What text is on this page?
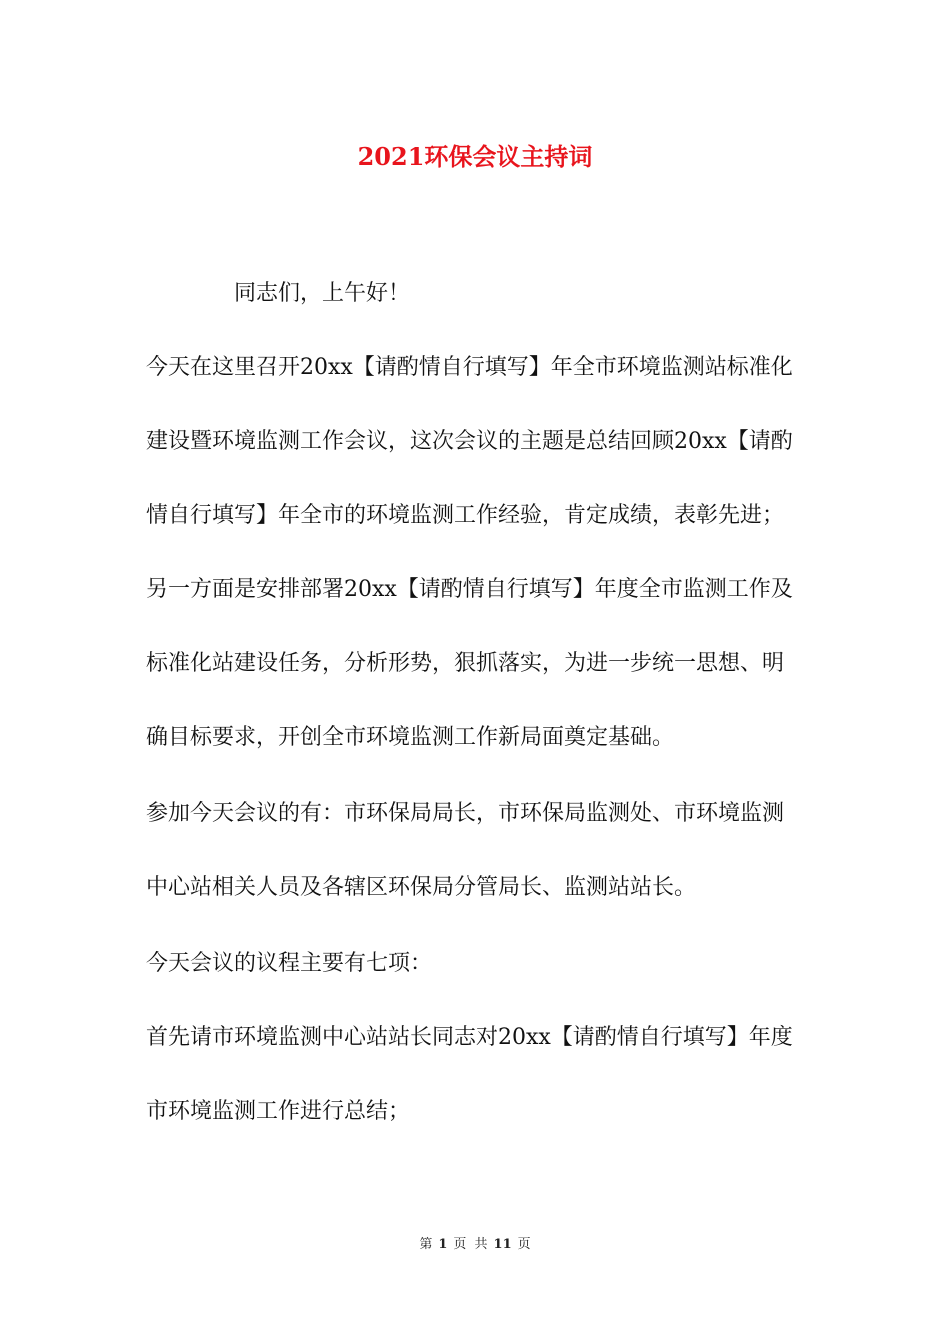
2021环保会议主持词
同志们，上午好！
今天在这里召开20xx【请酌情自行填写】年全市环境监测站标准化
建设暨环境监测工作会议，这次会议的主题是总结回顾20xx【请酌
情自行填写】年全市的环境监测工作经验，肯定成绩，表彰先进；
另一方面是安排部署20xx【请酌情自行填写】年度全市监测工作及
标准化站建设任务，分析形势，狠抓落实，为进一步统一思想、明
确目标要求，开创全市环境监测工作新局面奠定基础。
参加今天会议的有：市环保局局长，市环保局监测处、市环境监测
中心站相关人员及各辖区环保局分管局长、监测站站长。
今天会议的议程主要有七项：
首先请市环境监测中心站站长同志对20xx【请酌情自行填写】年度
市环境监测工作进行总结；
第 1 页 共 11 页
